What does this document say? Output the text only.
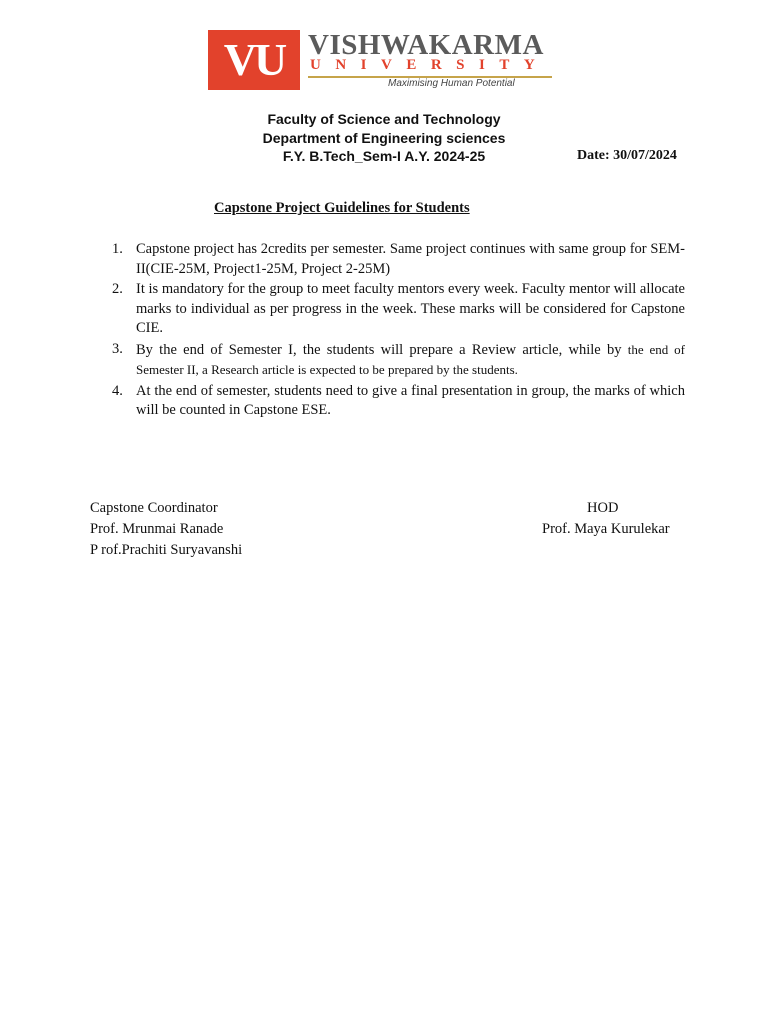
VU VISHWAKARMA
UNIVERSITY
Maximising Human Potential
Faculty of Science and Technology
Department of Engineering sciences
F.Y. B.Tech_Sem-I A.Y. 2024-25	Date: 30/07/2024
Capstone Project Guidelines for Students
1. Capstone project has 2credits per semester. Same project continues with same group for SEM-II(CIE-25M, Project1-25M, Project 2-25M)
2. It is mandatory for the group to meet faculty mentors every week. Faculty mentor will allocate marks to individual as per progress in the week. These marks will be considered for Capstone CIE.
3. By the end of Semester I, the students will prepare a Review article, while by the end of Semester II, a Research article is expected to be prepared by the students.
4. At the end of semester, students need to give a final presentation in group, the marks of which will be counted in Capstone ESE.
Capstone Coordinator
Prof. Mrunmai Ranade
P rof.Prachiti Suryavanshi
HOD
Prof. Maya Kurulekar
